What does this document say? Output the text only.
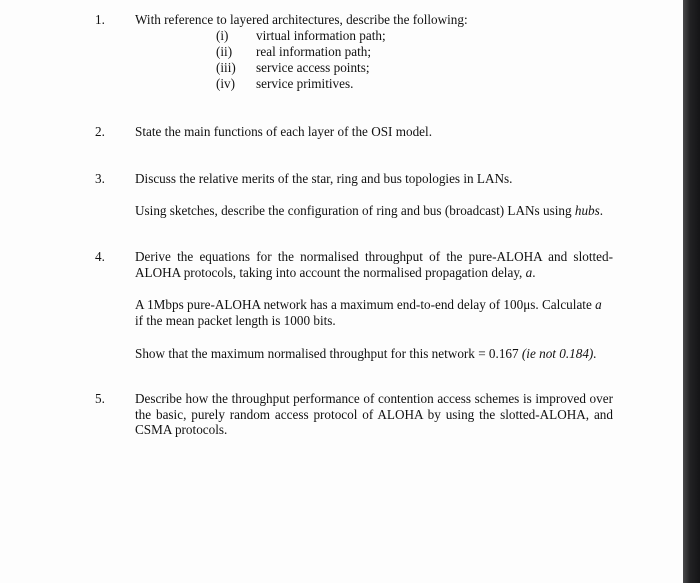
1. With reference to layered architectures, describe the following:
(i)	virtual information path;
(ii)	real information path;
(iii)	service access points;
(iv)	service primitives.
2. State the main functions of each layer of the OSI model.
3. Discuss the relative merits of the star, ring and bus topologies in LANs.
Using sketches, describe the configuration of ring and bus (broadcast) LANs using hubs.
4. Derive the equations for the normalised throughput of the pure-ALOHA and slotted-ALOHA protocols, taking into account the normalised propagation delay, a.
A 1Mbps pure-ALOHA network has a maximum end-to-end delay of 100μs. Calculate a if the mean packet length is 1000 bits.
Show that the maximum normalised throughput for this network = 0.167 (ie not 0.184).
5. Describe how the throughput performance of contention access schemes is improved over the basic, purely random access protocol of ALOHA by using the slotted-ALOHA, and CSMA protocols.
